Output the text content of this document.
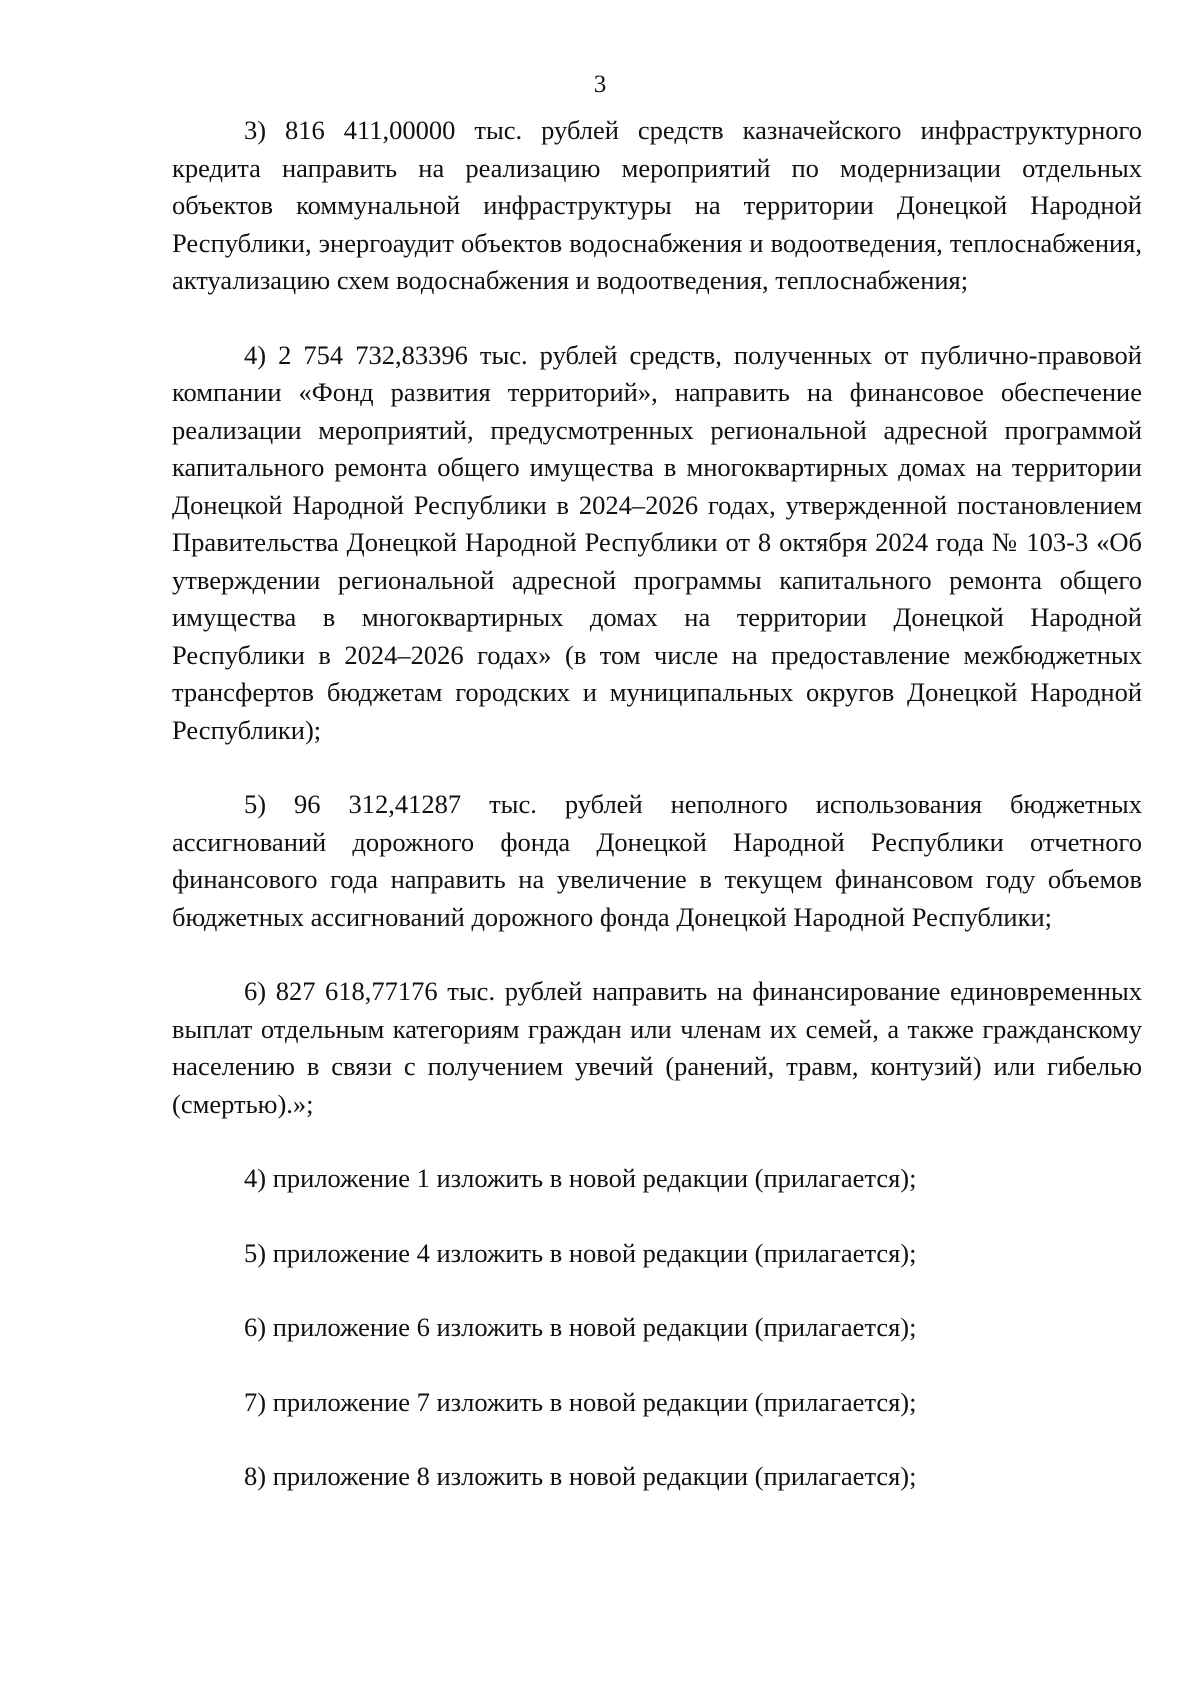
3

3) 816 411,00000 тыс. рублей средств казначейского инфраструктурного кредита направить на реализацию мероприятий по модернизации отдельных объектов коммунальной инфраструктуры на территории Донецкой Народной Республики, энергоаудит объектов водоснабжения и водоотведения, теплоснабжения, актуализацию схем водоснабжения и водоотведения, теплоснабжения;

4) 2 754 732,83396 тыс. рублей средств, полученных от публично-правовой компании «Фонд развития территорий», направить на финансовое обеспечение реализации мероприятий, предусмотренных региональной адресной программой капитального ремонта общего имущества в многоквартирных домах на территории Донецкой Народной Республики в 2024–2026 годах, утвержденной постановлением Правительства Донецкой Народной Республики от 8 октября 2024 года № 103-3 «Об утверждении региональной адресной программы капитального ремонта общего имущества в многоквартирных домах на территории Донецкой Народной Республики в 2024–2026 годах» (в том числе на предоставление межбюджетных трансфертов бюджетам городских и муниципальных округов Донецкой Народной Республики);

5) 96 312,41287 тыс. рублей неполного использования бюджетных ассигнований дорожного фонда Донецкой Народной Республики отчетного финансового года направить на увеличение в текущем финансовом году объемов бюджетных ассигнований дорожного фонда Донецкой Народной Республики;

6) 827 618,77176 тыс. рублей направить на финансирование единовременных выплат отдельным категориям граждан или членам их семей, а также гражданскому населению в связи с получением увечий (ранений, травм, контузий) или гибелью (смертью).»;

4) приложение 1 изложить в новой редакции (прилагается);

5) приложение 4 изложить в новой редакции (прилагается);

6) приложение 6 изложить в новой редакции (прилагается);

7) приложение 7 изложить в новой редакции (прилагается);

8) приложение 8 изложить в новой редакции (прилагается);
